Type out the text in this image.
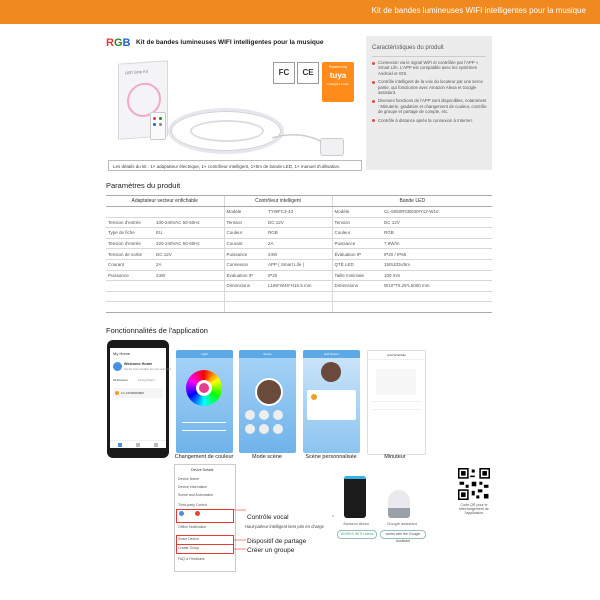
Kit de bandes lumineuses WIFI intelligentes pour la musique
RGB Kit de bandes lumineuses WIFI intelligentes pour la musique
LED Strip Kit	FC	CE
Powered by
tuya
Intelligent Inside
Les détails du kit : 1× adaptateur électrique, 1× contrôleur intelligent, 1×5m de bande LED, 1× manuel d'utilisation.
Caractéristiques du produit
Connexion via le signal WiFi et contrôlée par l'APP « Smart Life, L'APP est compatible avec les systèmes Android et IOS.
Contrôle intelligent de la voix du locuteur par une tierce partie, qui fonctionne avec Amazon Alexa et Google assistant.
Diverses fonctions de l'APP sont disponibles, notamment : Minuterie, gradation et changement de couleur, contrôle de groupe et partage de compte, etc.
Contrôle à distance après la connexion à Internet.
Paramètres du produit
Adaptateur secteur enfichable		Contrôleur intelligent		Bande LED	
		Modèle	TYWFC3-43	Modèle	CL-5050RGB030IY12-W10
Tension d'entrée	100-240VAC 50-60Hz	Tension	DC 12V	Tension	DC 12V
Type de fiche	EU	Couleur	RGB	Couleur	RGB
Tension d'entrée	220-240VAC 50-60Hz	Courant	2A	Puissance	7.9W/m
Tension de sortie	DC 12V	Puissance	24W	Évaluation IP	IP20 / IP65
Courant	2A	Connexion	APP ( Smart Life )	QTÉ LED	150LEDs/5m
Puissance	24W	Évaluation IP	IP20	Taille minimale	100 mm
		Dimensions	L186*W45*H15.5 mm	Dimensions	W10*T0.25*L5000 mm

Fonctionnalités de l'application
My Home
Welcome Home
Set the home location for more scenarios
All Devices	Living Room
LC-CP4WRGBW
Light	Scene	Edit Scene	Add Schedule
Changement de couleur	Mode scène	Scène personnalisée	Minuteur
Device Details
Device Name
Device Information
Scene and Automation
Third-party Control
Offline Notification
Share Device
Create Group
FAQ & Feedback
Contrôle vocal
Haut-parleur intelligent tiers pris en charge
Dispositif de partage
Créer un groupe
Amazon Alexa	Google assistant
WORKS WITH Alexa	works with the Google Assistant
Code QR pour le téléchargement de l'application
